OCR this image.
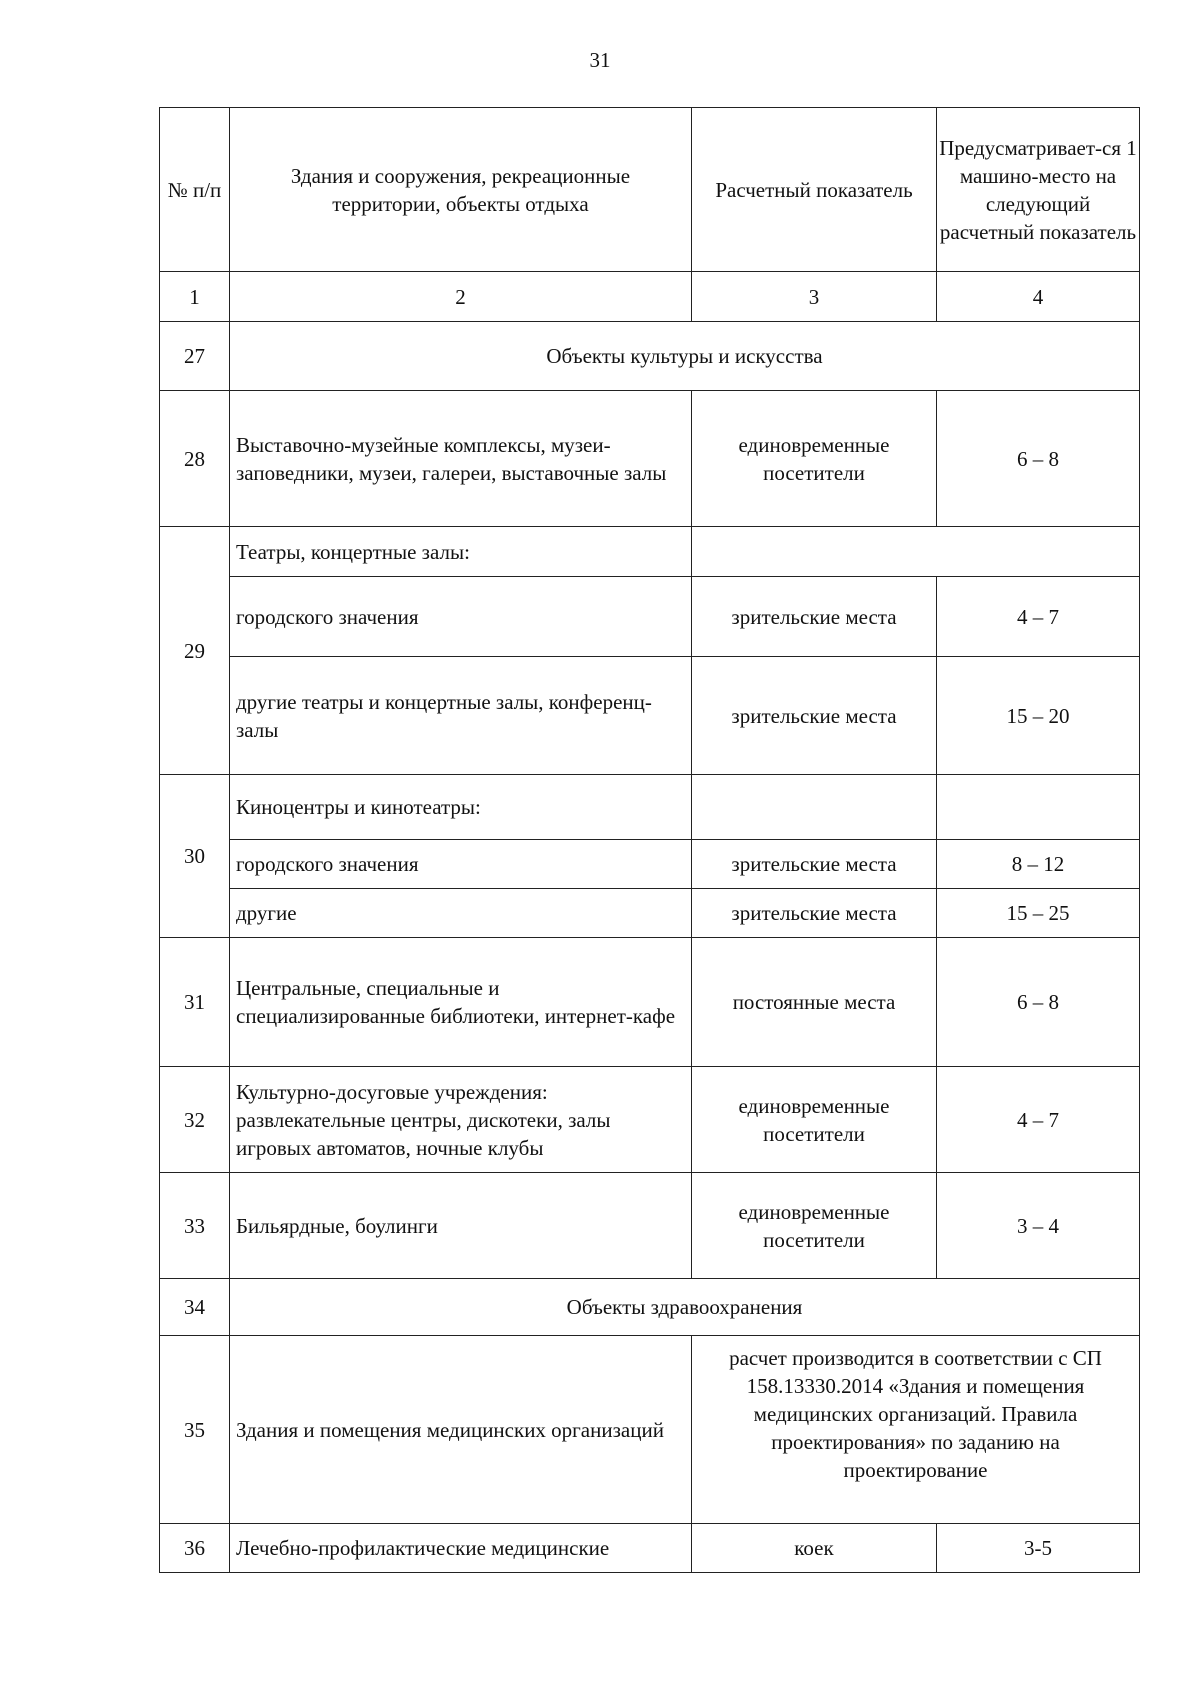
31
№ п/п	Здания и сооружения, рекреационные территории, объекты отдыха	Расчетный показатель	Предусматривает-ся 1 машино-место на следующий расчетный показатель
1	2	3	4
27	Объекты культуры и искусства		
28	Выставочно-музейные комплексы, музеи-заповедники, музеи, галереи, выставочные залы	единовременные посетители	6 – 8
29	Театры, концертные залы:		
	городского значения	зрительские места	4 – 7
	другие театры и концертные залы, конференц-залы	зрительские места	15 – 20
30	Киноцентры и кинотеатры:		
	городского значения	зрительские места	8 – 12
	другие	зрительские места	15 – 25
31	Центральные, специальные и специализированные библиотеки, интернет-кафе	постоянные места	6 – 8
32	Культурно-досуговые учреждения: развлекательные центры, дискотеки, залы игровых автоматов, ночные клубы	единовременные посетители	4 – 7
33	Бильярдные, боулинги	единовременные посетители	3 – 4
34	Объекты здравоохранения		
35	Здания и помещения медицинских организаций	расчет производится в соответствии с СП 158.13330.2014 «Здания и помещения медицинских организаций. Правила проектирования» по заданию на проектирование	
36	Лечебно-профилактические медицинские	коек	3-5
